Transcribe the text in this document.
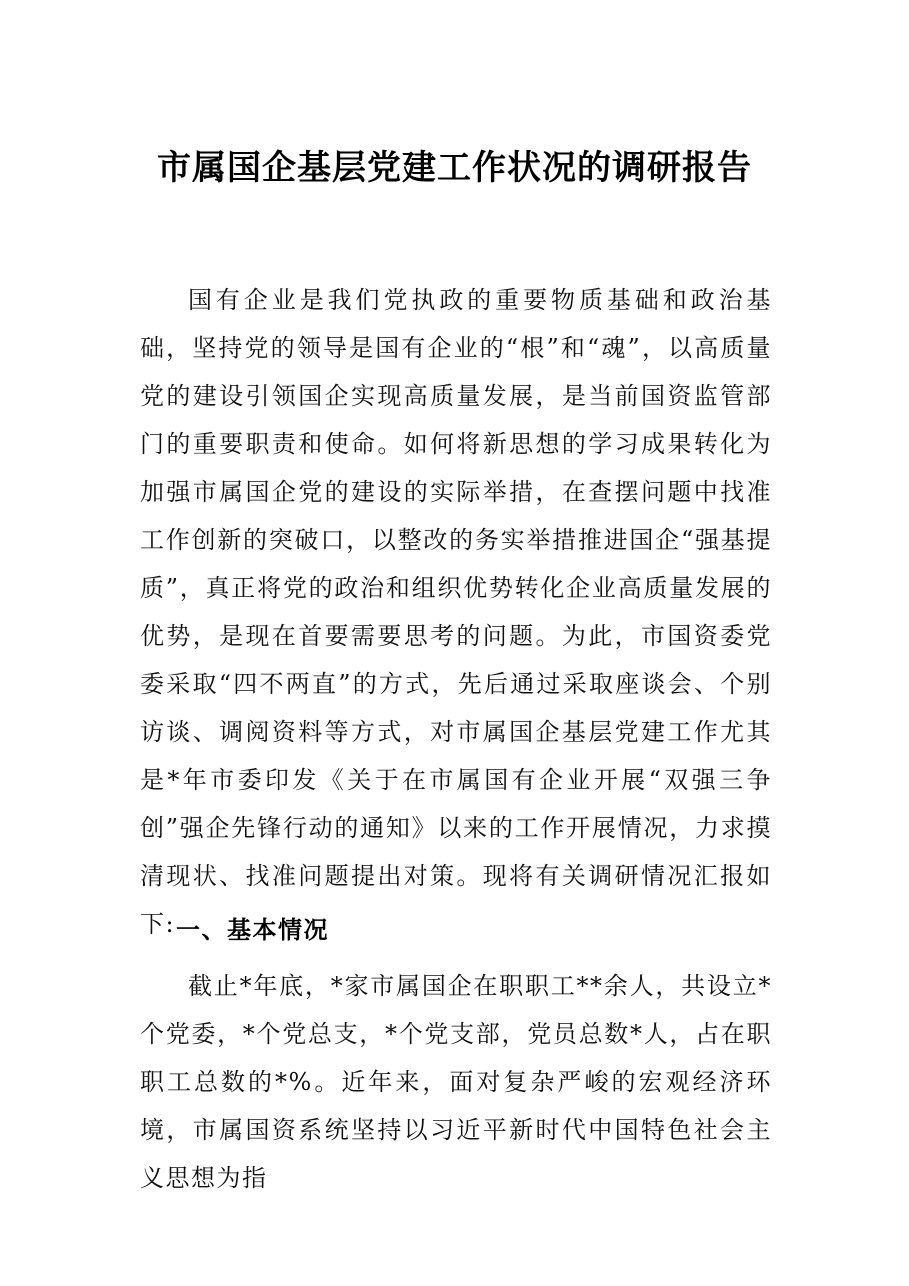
市属国企基层党建工作状况的调研报告

国有企业是我们党执政的重要物质基础和政治基础，坚持党的领导是国有企业的“根”和“魂”，以高质量党的建设引领国企实现高质量发展，是当前国资监管部门的重要职责和使命。如何将新思想的学习成果转化为加强市属国企党的建设的实际举措，在查摆问题中找准工作创新的突破口，以整改的务实举措推进国企“强基提质”，真正将党的政治和组织优势转化企业高质量发展的优势，是现在首要需要思考的问题。为此，市国资委党委采取“四不两直”的方式，先后通过采取座谈会、个别访谈、调阅资料等方式，对市属国企基层党建工作尤其是*年市委印发《关于在市属国有企业开展“双强三争创”强企先锋行动的通知》以来的工作开展情况，力求摸清现状、找准问题提出对策。现将有关调研情况汇报如下: 一、基本情况

截止*年底，*家市属国企在职职工**余人，共设立*个党委，*个党总支，*个党支部，党员总数*人，占在职职工总数的*%。近年来，面对复杂严峻的宏观经济环境，市属国资系统坚持以习近平新时代中国特色社会主义思想为指
